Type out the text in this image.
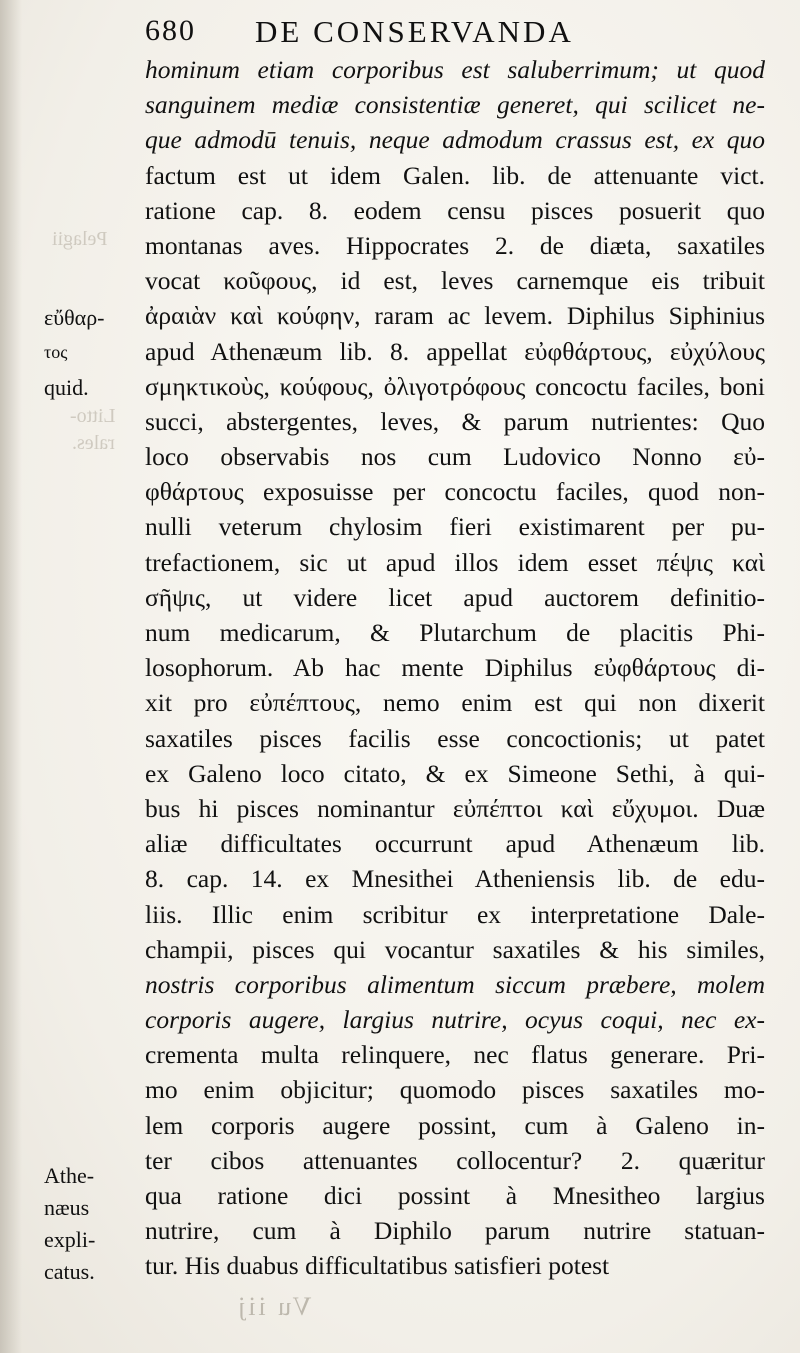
Pelagii
Litto-
rales.
680 DE CONSERVANDA
hominum etiam corporibus est saluberrimum; ut quod
sanguinem mediæ consistentiæ generet, qui scilicet ne-
que admodū tenuis, neque admodum crassus est, ex quo
factum est ut idem Galen. lib. de attenuante vict.
ratione cap. 8. eodem censu pisces posuerit quo
montanas aves. Hippocrates 2. de diæta, saxatiles
vocat κοῦφους, id est, leves carnemque eis tribuit
ἀραιὰν καὶ κούφην, raram ac levem. Diphilus Siphinius
apud Athenæum lib. 8. appellat εὐφθάρτους, εὐχύλους
σμηκτικοὺς, κούφους, ὀλιγοτρόφους concoctu faciles, boni
succi, abstergentes, leves, & parum nutrientes: Quo
loco observabis nos cum Ludovico Nonno εὐ-
φθάρτους exposuisse per concoctu faciles, quod non-
nulli veterum chylosim fieri existimarent per pu-
trefactionem, sic ut apud illos idem esset πέψις καὶ
σῆψις, ut videre licet apud auctorem definitio-
num medicarum, & Plutarchum de placitis Phi-
losophorum. Ab hac mente Diphilus εὐφθάρτους di-
xit pro εὐπέπτους, nemo enim est qui non dixerit
saxatiles pisces facilis esse concoctionis; ut patet
ex Galeno loco citato, & ex Simeone Sethi, à qui-
bus hi pisces nominantur εὐπέπτοι καὶ εὔχυμοι. Duæ
aliæ difficultates occurrunt apud Athenæum lib.
8. cap. 14. ex Mnesithei Atheniensis lib. de edu-
liis. Illic enim scribitur ex interpretatione Dale-
champii, pisces qui vocantur saxatiles & his similes,
nostris corporibus alimentum siccum præbere, molem
corporis augere, largius nutrire, ocyus coqui, nec ex-
crementa multa relinquere, nec flatus generare. Pri-
mo enim objicitur; quomodo pisces saxatiles mo-
lem corporis augere possint, cum à Galeno in-
ter cibos attenuantes collocentur? 2. quæritur
qua ratione dici possint à Mnesitheo largius
nutrire, cum à Diphilo parum nutrire statuan-
tur. His duabus difficultatibus satisfieri potest
εὔθαρ-
τος
quid.
Athe-
næus
expli-
catus.
Vu iij
